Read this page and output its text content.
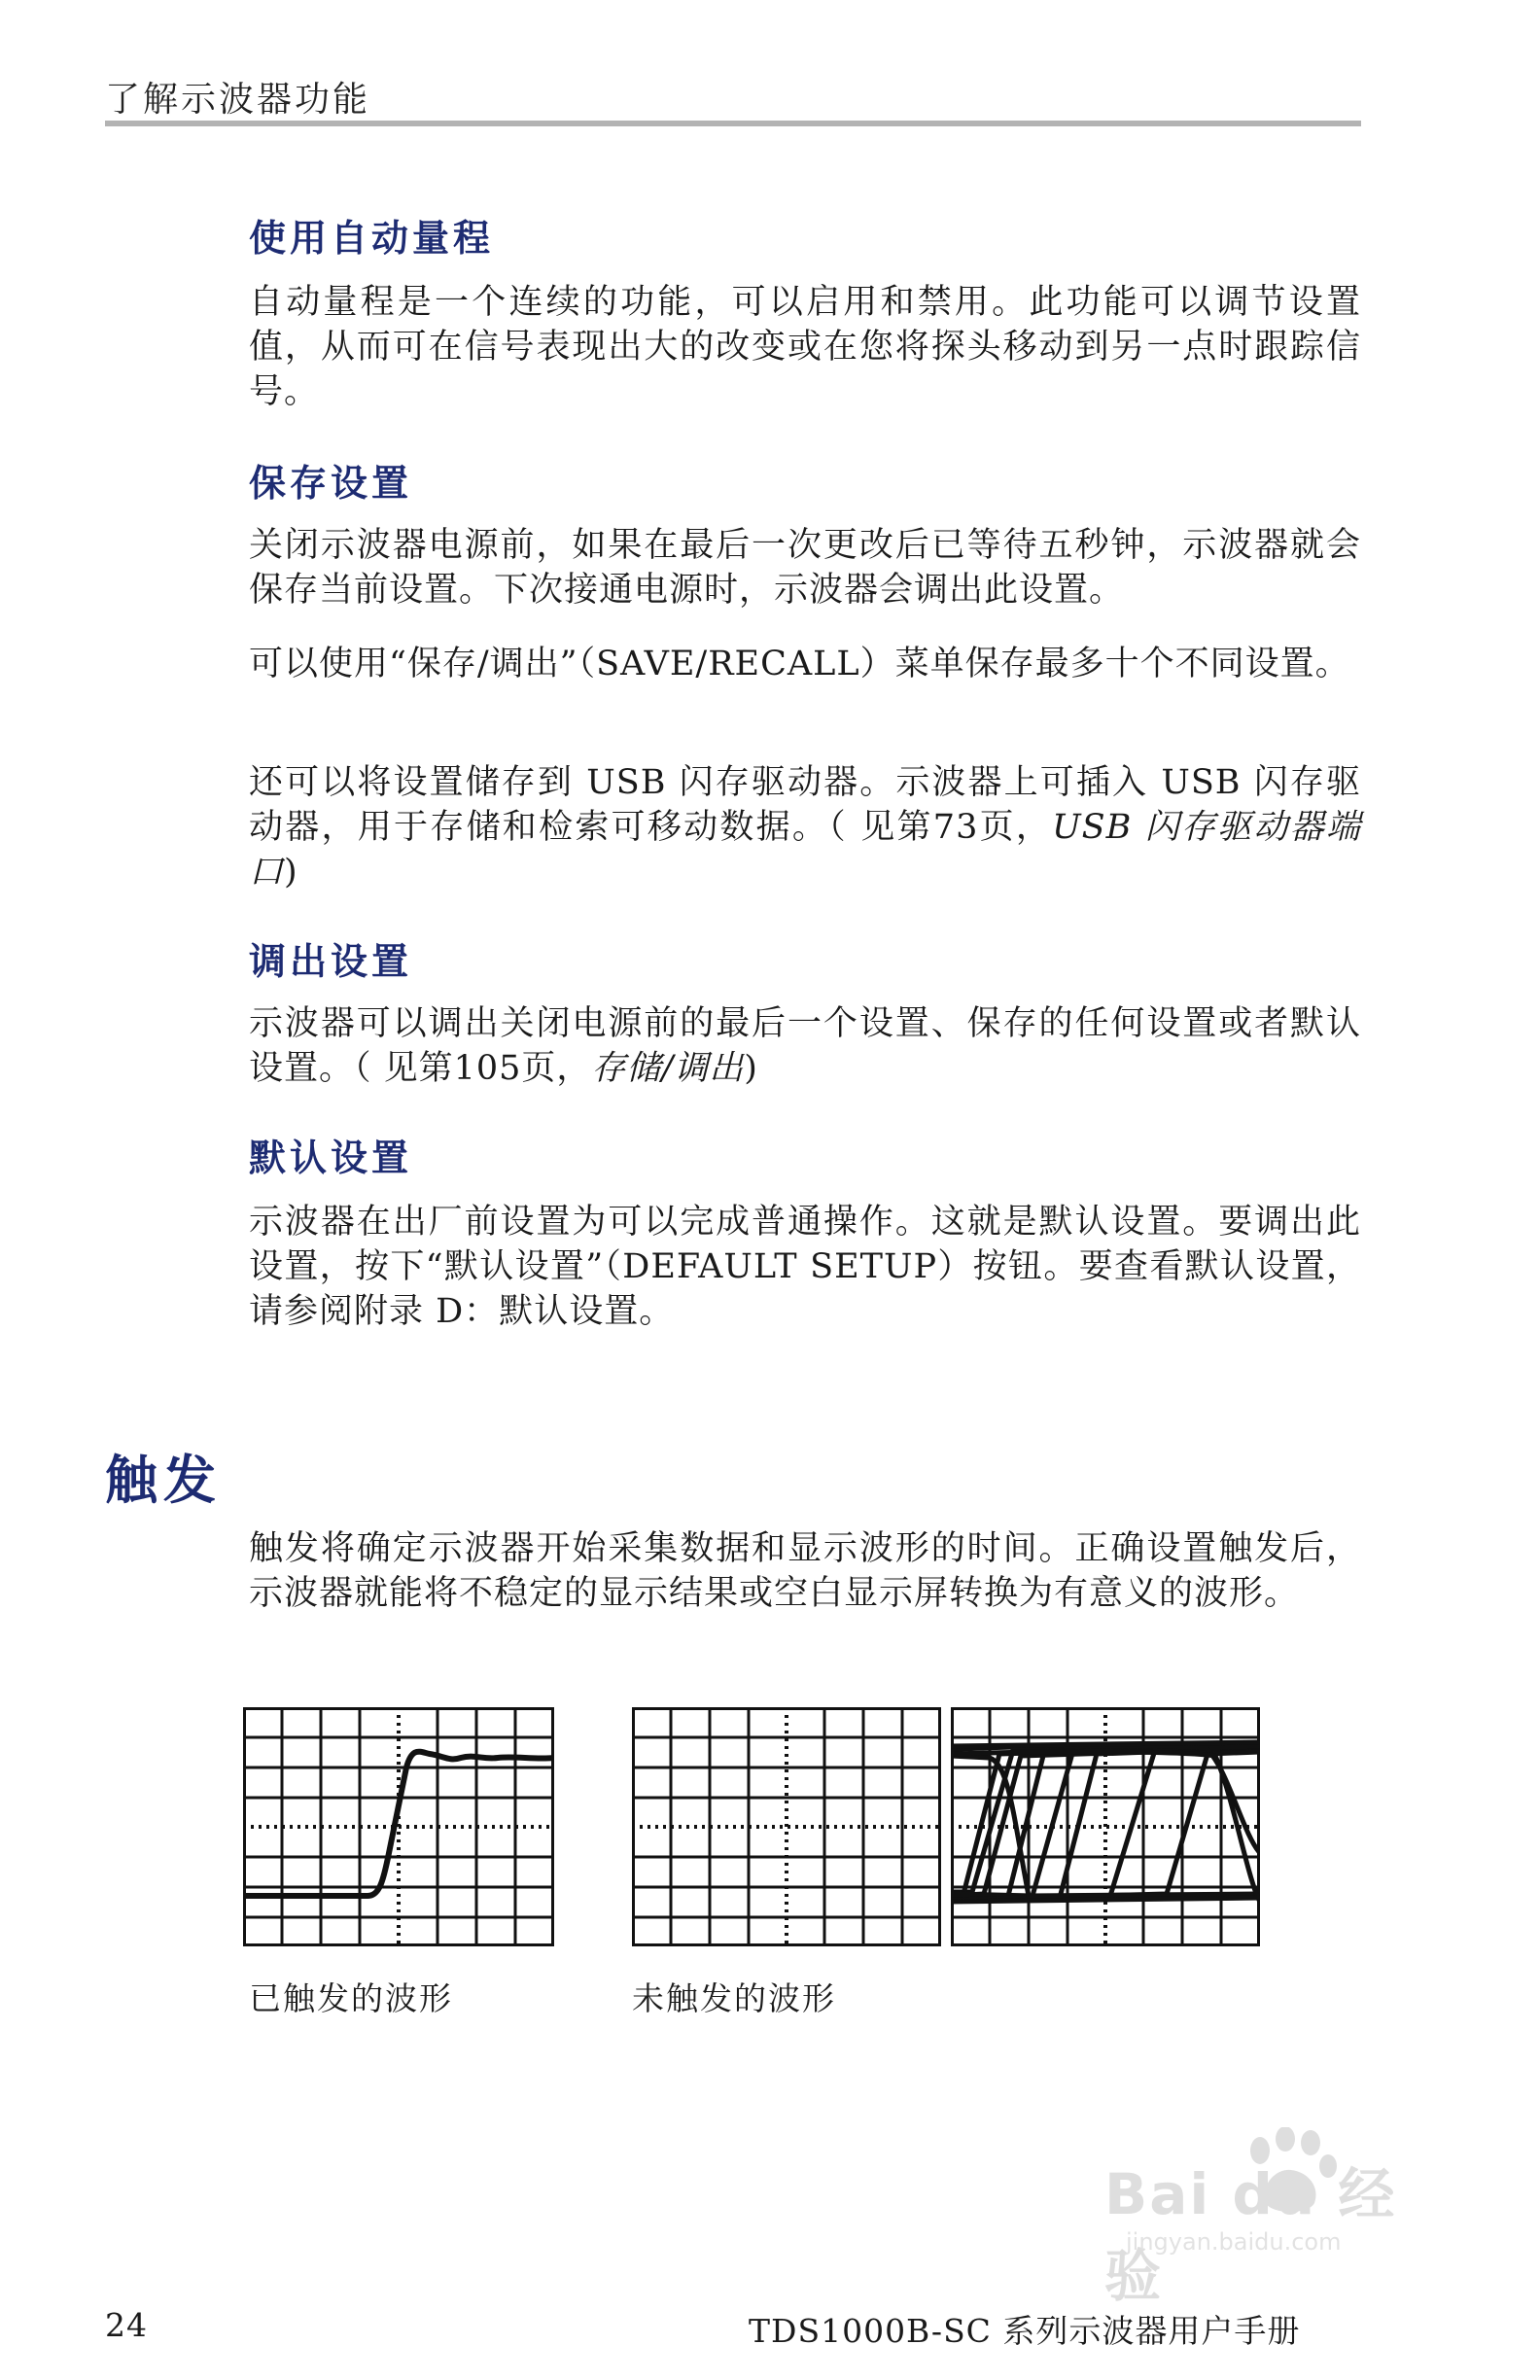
了解示波器功能
使用自动量程

自动量程是一个连续的功能，可以启用和禁用。此功能可以调节设置值，从而可在信号表现出大的改变或在您将探头移动到另一点时跟踪信号。

保存设置

关闭示波器电源前，如果在最后一次更改后已等待五秒钟，示波器就会保存当前设置。下次接通电源时，示波器会调出此设置。

可以使用“保存/调出”（SAVE/RECALL）菜单保存最多十个不同设置。

还可以将设置储存到 USB 闪存驱动器。示波器上可插入 USB 闪存驱动器，用于存储和检索可移动数据。（ 见第73页，USB 闪存驱动器端口)

调出设置

示波器可以调出关闭电源前的最后一个设置、保存的任何设置或者默认设置。（ 见第105页，存储/调出)

默认设置

示波器在出厂前设置为可以完成普通操作。这就是默认设置。要调出此设置，按下“默认设置”（DEFAULT SETUP）按钮。要查看默认设置，请参阅附录 D：默认设置。

触发

触发将确定示波器开始采集数据和显示波形的时间。正确设置触发后，示波器就能将不稳定的显示结果或空白显示屏转换为有意义的波形。

已触发的波形	未触发的波形
Bai du 经验
jingyan.baidu.com
24	TDS1000B-SC 系列示波器用户手册
